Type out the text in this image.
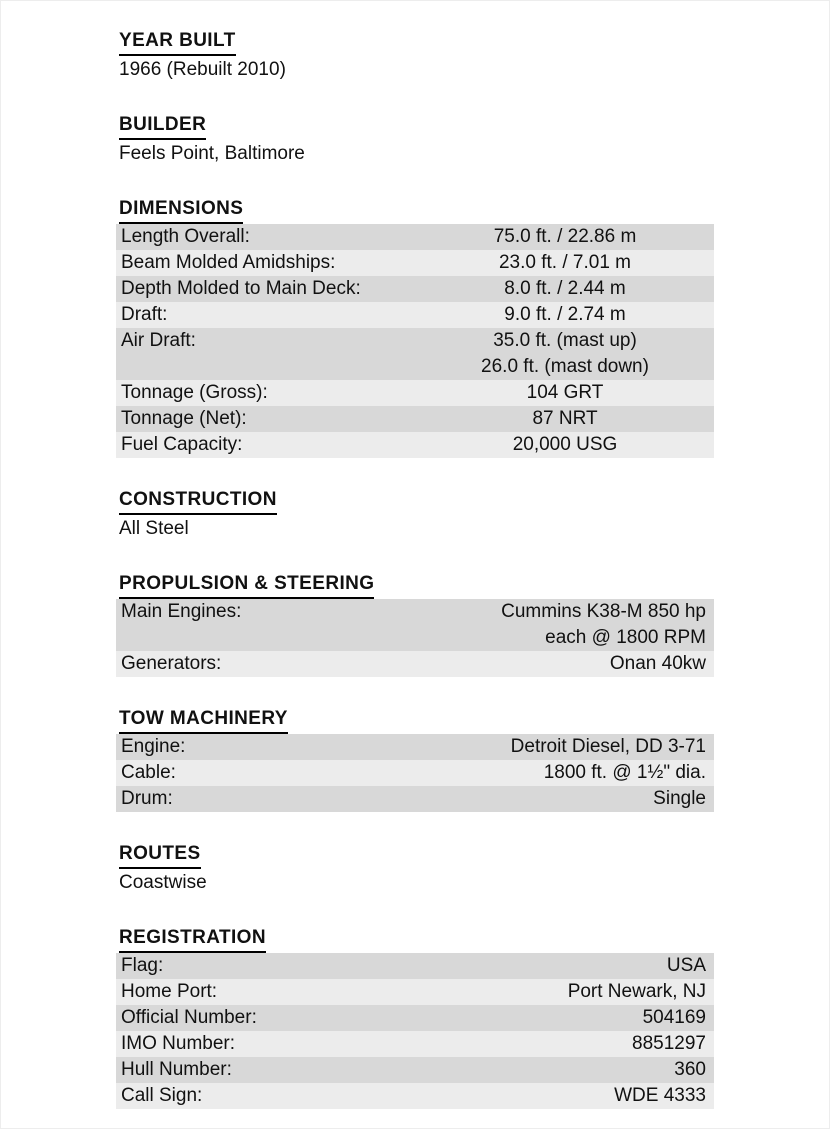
YEAR BUILT
1966 (Rebuilt 2010)
BUILDER
Feels Point, Baltimore
DIMENSIONS
Length Overall:	75.0 ft. / 22.86 m
Beam Molded Amidships:	23.0 ft. / 7.01 m
Depth Molded to Main Deck:	8.0 ft. / 2.44 m
Draft:	9.0 ft. / 2.74 m
Air Draft:	35.0 ft. (mast up)
26.0 ft. (mast down)
Tonnage (Gross):	104 GRT
Tonnage (Net):	87 NRT
Fuel Capacity:	20,000 USG
CONSTRUCTION
All Steel
PROPULSION & STEERING
Main Engines:	Cummins K38-M 850 hp
each @ 1800 RPM
Generators:	Onan 40kw
TOW MACHINERY
Engine:	Detroit Diesel, DD 3-71
Cable:	1800 ft. @ 1½" dia.
Drum:	Single
ROUTES
Coastwise
REGISTRATION
Flag:	USA
Home Port:	Port Newark, NJ
Official Number:	504169
IMO Number:	8851297
Hull Number:	360
Call Sign:	WDE 4333
